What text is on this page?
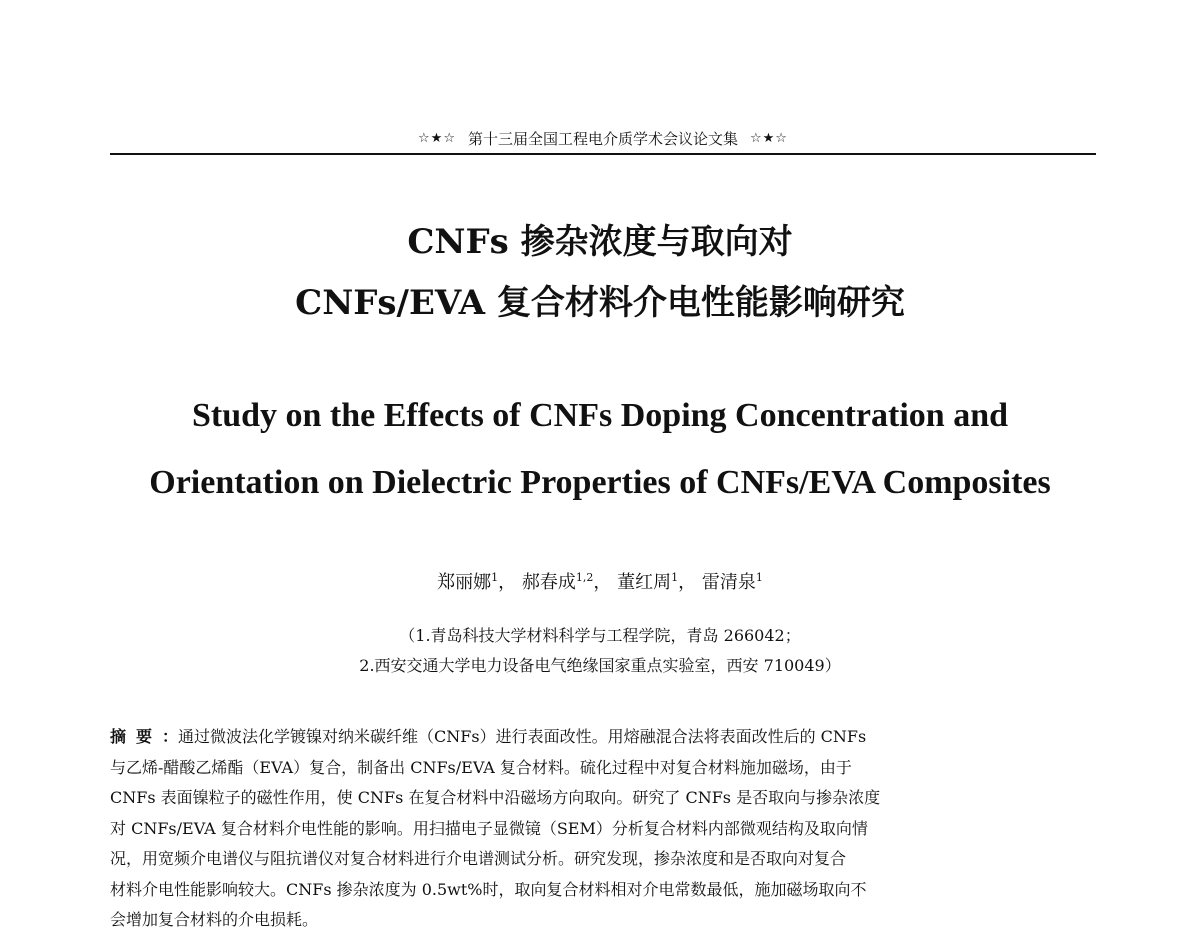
☆★☆ 第十三届全国工程电介质学术会议论文集 ☆★☆
CNFs 掺杂浓度与取向对
CNFs/EVA 复合材料介电性能影响研究
Study on the Effects of CNFs Doping Concentration and
Orientation on Dielectric Properties of CNFs/EVA Composites
郑丽娜$^1$， 郝春成$^{1,2}$， 董红周$^1$， 雷清泉$^1$
（1.青岛科技大学材料科学与工程学院，青岛 266042；
2.西安交通大学电力设备电气绝缘国家重点实验室，西安 710049）
摘要：通过微波法化学镀镍对纳米碳纤维（CNFs）进行表面改性。用熔融混合法将表面改性后的 CNFs
与乙烯-醋酸乙烯酯（EVA）复合，制备出 CNFs/EVA 复合材料。硫化过程中对复合材料施加磁场，由于
CNFs 表面镍粒子的磁性作用，使 CNFs 在复合材料中沿磁场方向取向。研究了 CNFs 是否取向与掺杂浓度
对 CNFs/EVA 复合材料介电性能的影响。用扫描电子显微镜（SEM）分析复合材料内部微观结构及取向情
况，用宽频介电谱仪与阻抗谱仪对复合材料进行介电谱测试分析。研究发现，掺杂浓度和是否取向对复合
材料介电性能影响较大。CNFs 掺杂浓度为 0.5wt%时，取向复合材料相对介电常数最低，施加磁场取向不
会增加复合材料的介电损耗。
